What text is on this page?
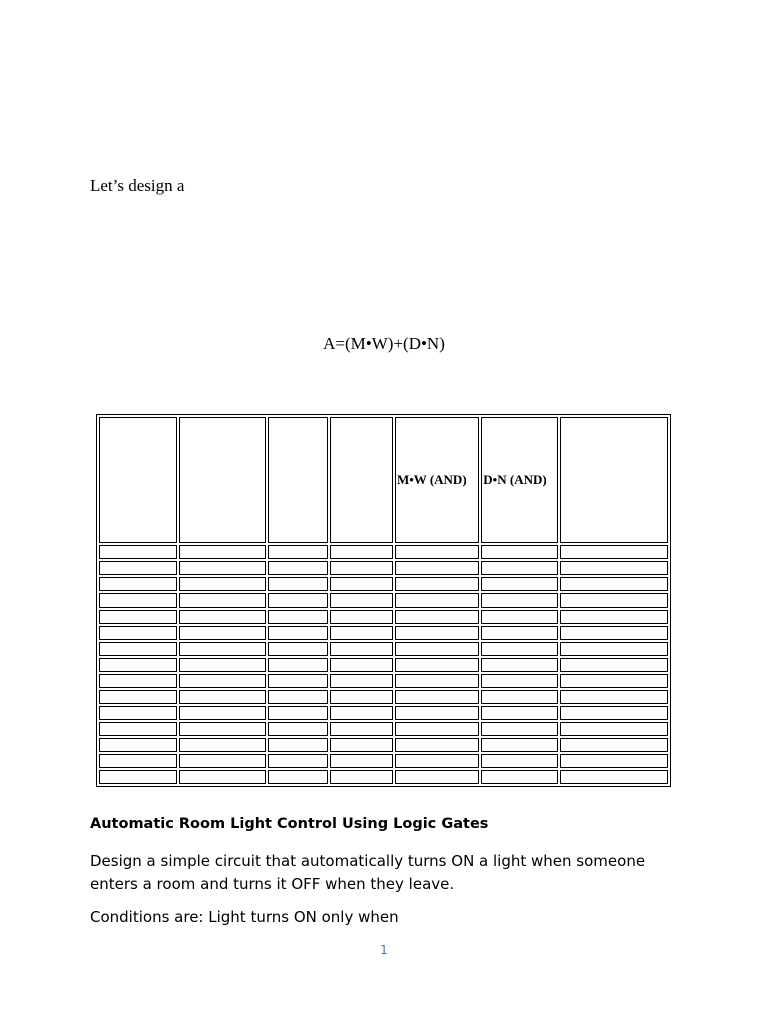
Let’s design a

A=(M•W)+(D•N)

				M•W (AND)	D•N (AND)	

Automatic Room Light Control Using Logic Gates

Design a simple circuit that automatically turns ON a light when someone enters a room and turns it OFF when they leave.

Conditions are: Light turns ON only when

1
